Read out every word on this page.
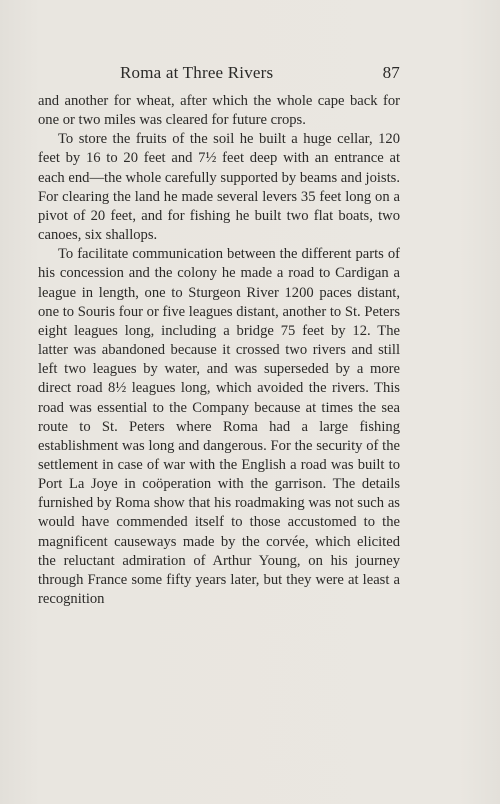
Roma at Three Rivers	87

and another for wheat, after which the whole cape back for one or two miles was cleared for future crops.

To store the fruits of the soil he built a huge cellar, 120 feet by 16 to 20 feet and 7½ feet deep with an entrance at each end—the whole carefully supported by beams and joists. For clearing the land he made several levers 35 feet long on a pivot of 20 feet, and for fishing he built two flat boats, two canoes, six shallops.

To facilitate communication between the different parts of his concession and the colony he made a road to Cardigan a league in length, one to Sturgeon River 1200 paces distant, one to Souris four or five leagues distant, another to St. Peters eight leagues long, including a bridge 75 feet by 12. The latter was abandoned because it crossed two rivers and still left two leagues by water, and was superseded by a more direct road 8½ leagues long, which avoided the rivers. This road was essential to the Company because at times the sea route to St. Peters where Roma had a large fishing establishment was long and dangerous. For the security of the settlement in case of war with the English a road was built to Port La Joye in coöperation with the garrison. The details furnished by Roma show that his roadmaking was not such as would have commended itself to those accustomed to the magnificent causeways made by the corvée, which elicited the reluctant admiration of Arthur Young, on his journey through France some fifty years later, but they were at least a recognition
